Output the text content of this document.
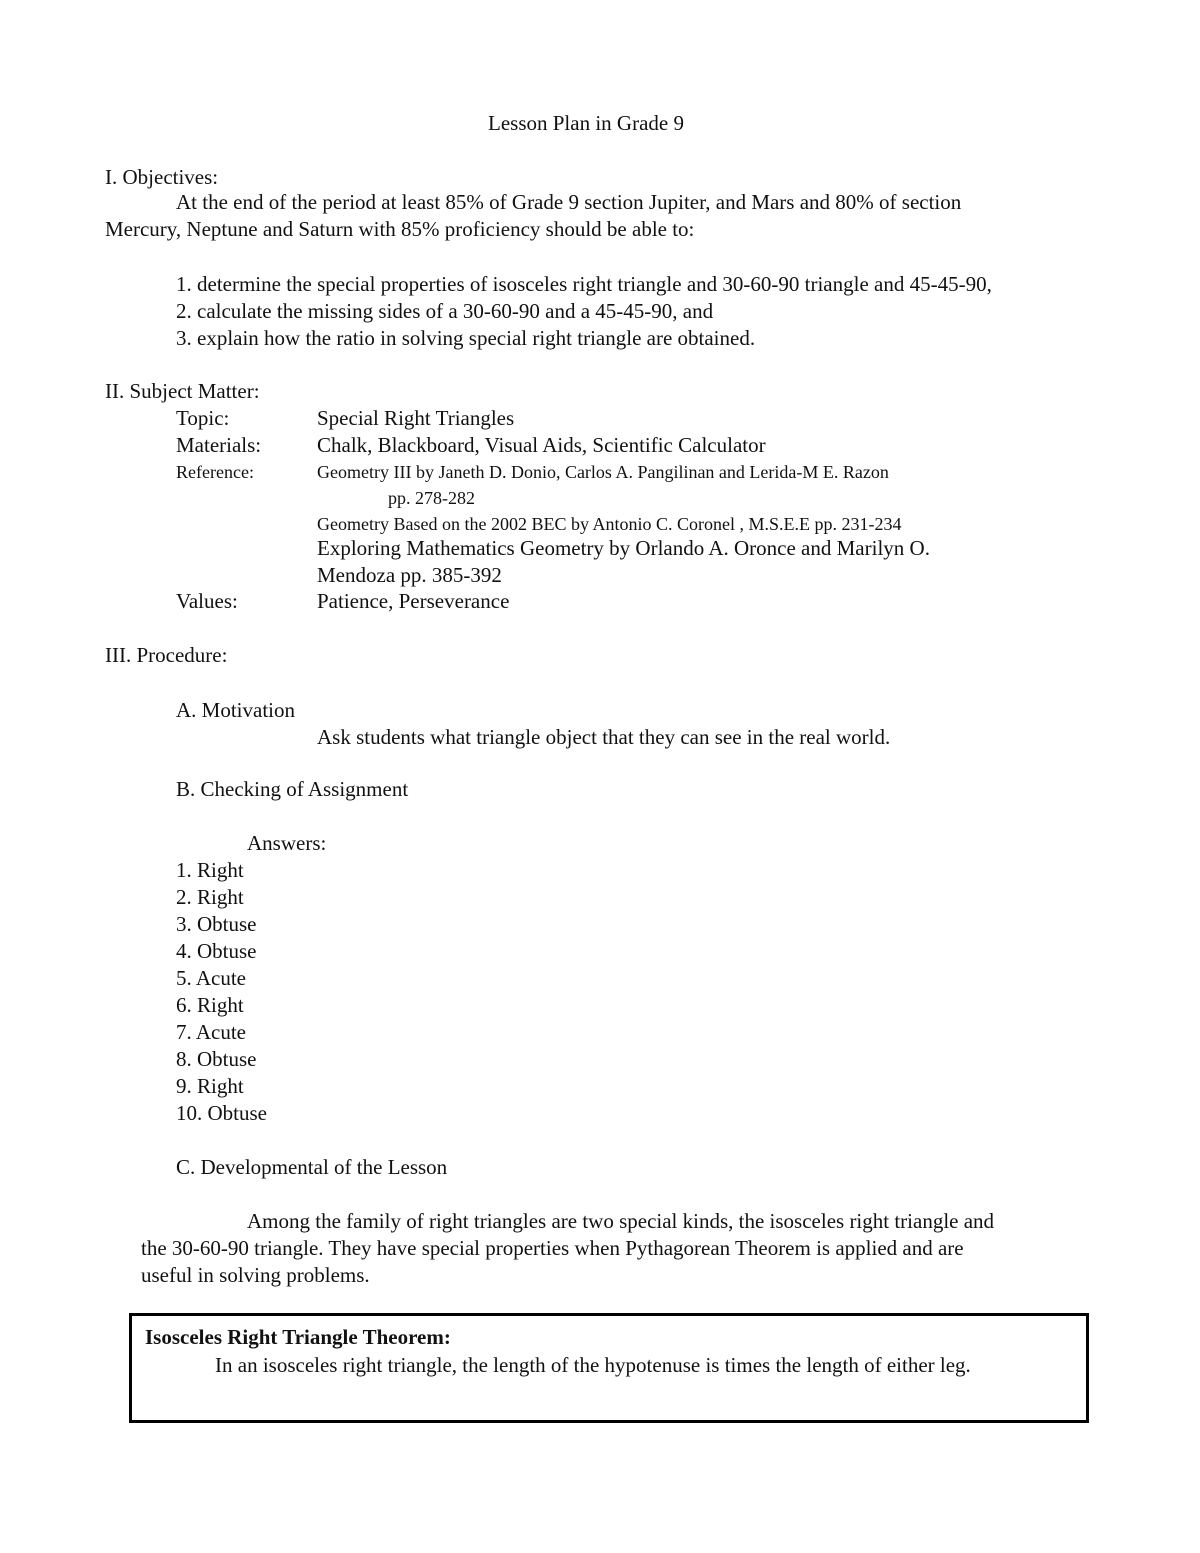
Lesson Plan in Grade 9
I. Objectives:
At the end of the period at least 85% of Grade 9 section Jupiter, and Mars and 80% of section
Mercury, Neptune and Saturn with 85% proficiency should be able to:
1. determine the special properties of isosceles right triangle and 30-60-90 triangle and 45-45-90,
2. calculate the missing sides of a 30-60-90 and a 45-45-90, and
3. explain how the ratio in solving special right triangle are obtained.
II. Subject Matter:
Topic:	Special Right Triangles
Materials:	Chalk, Blackboard, Visual Aids, Scientific Calculator
Reference:	Geometry III by Janeth D. Donio, Carlos A. Pangilinan and Lerida-M E. Razon
pp. 278-282
Geometry Based on the 2002 BEC by Antonio C. Coronel , M.S.E.E pp. 231-234
Exploring Mathematics Geometry by Orlando A. Oronce and Marilyn O.
Mendoza pp. 385-392
Values:	Patience, Perseverance
III. Procedure:
A. Motivation
Ask students what triangle object that they can see in the real world.
B. Checking of Assignment
Answers:
1. Right
2. Right
3. Obtuse
4. Obtuse
5. Acute
6. Right
7. Acute
8. Obtuse
9. Right
10. Obtuse
C. Developmental of the Lesson
Among the family of right triangles are two special kinds, the isosceles right triangle and
the 30-60-90 triangle. They have special properties when Pythagorean Theorem is applied and are
useful in solving problems.
Isosceles Right Triangle Theorem:
In an isosceles right triangle, the length of the hypotenuse is times the length of either leg.
